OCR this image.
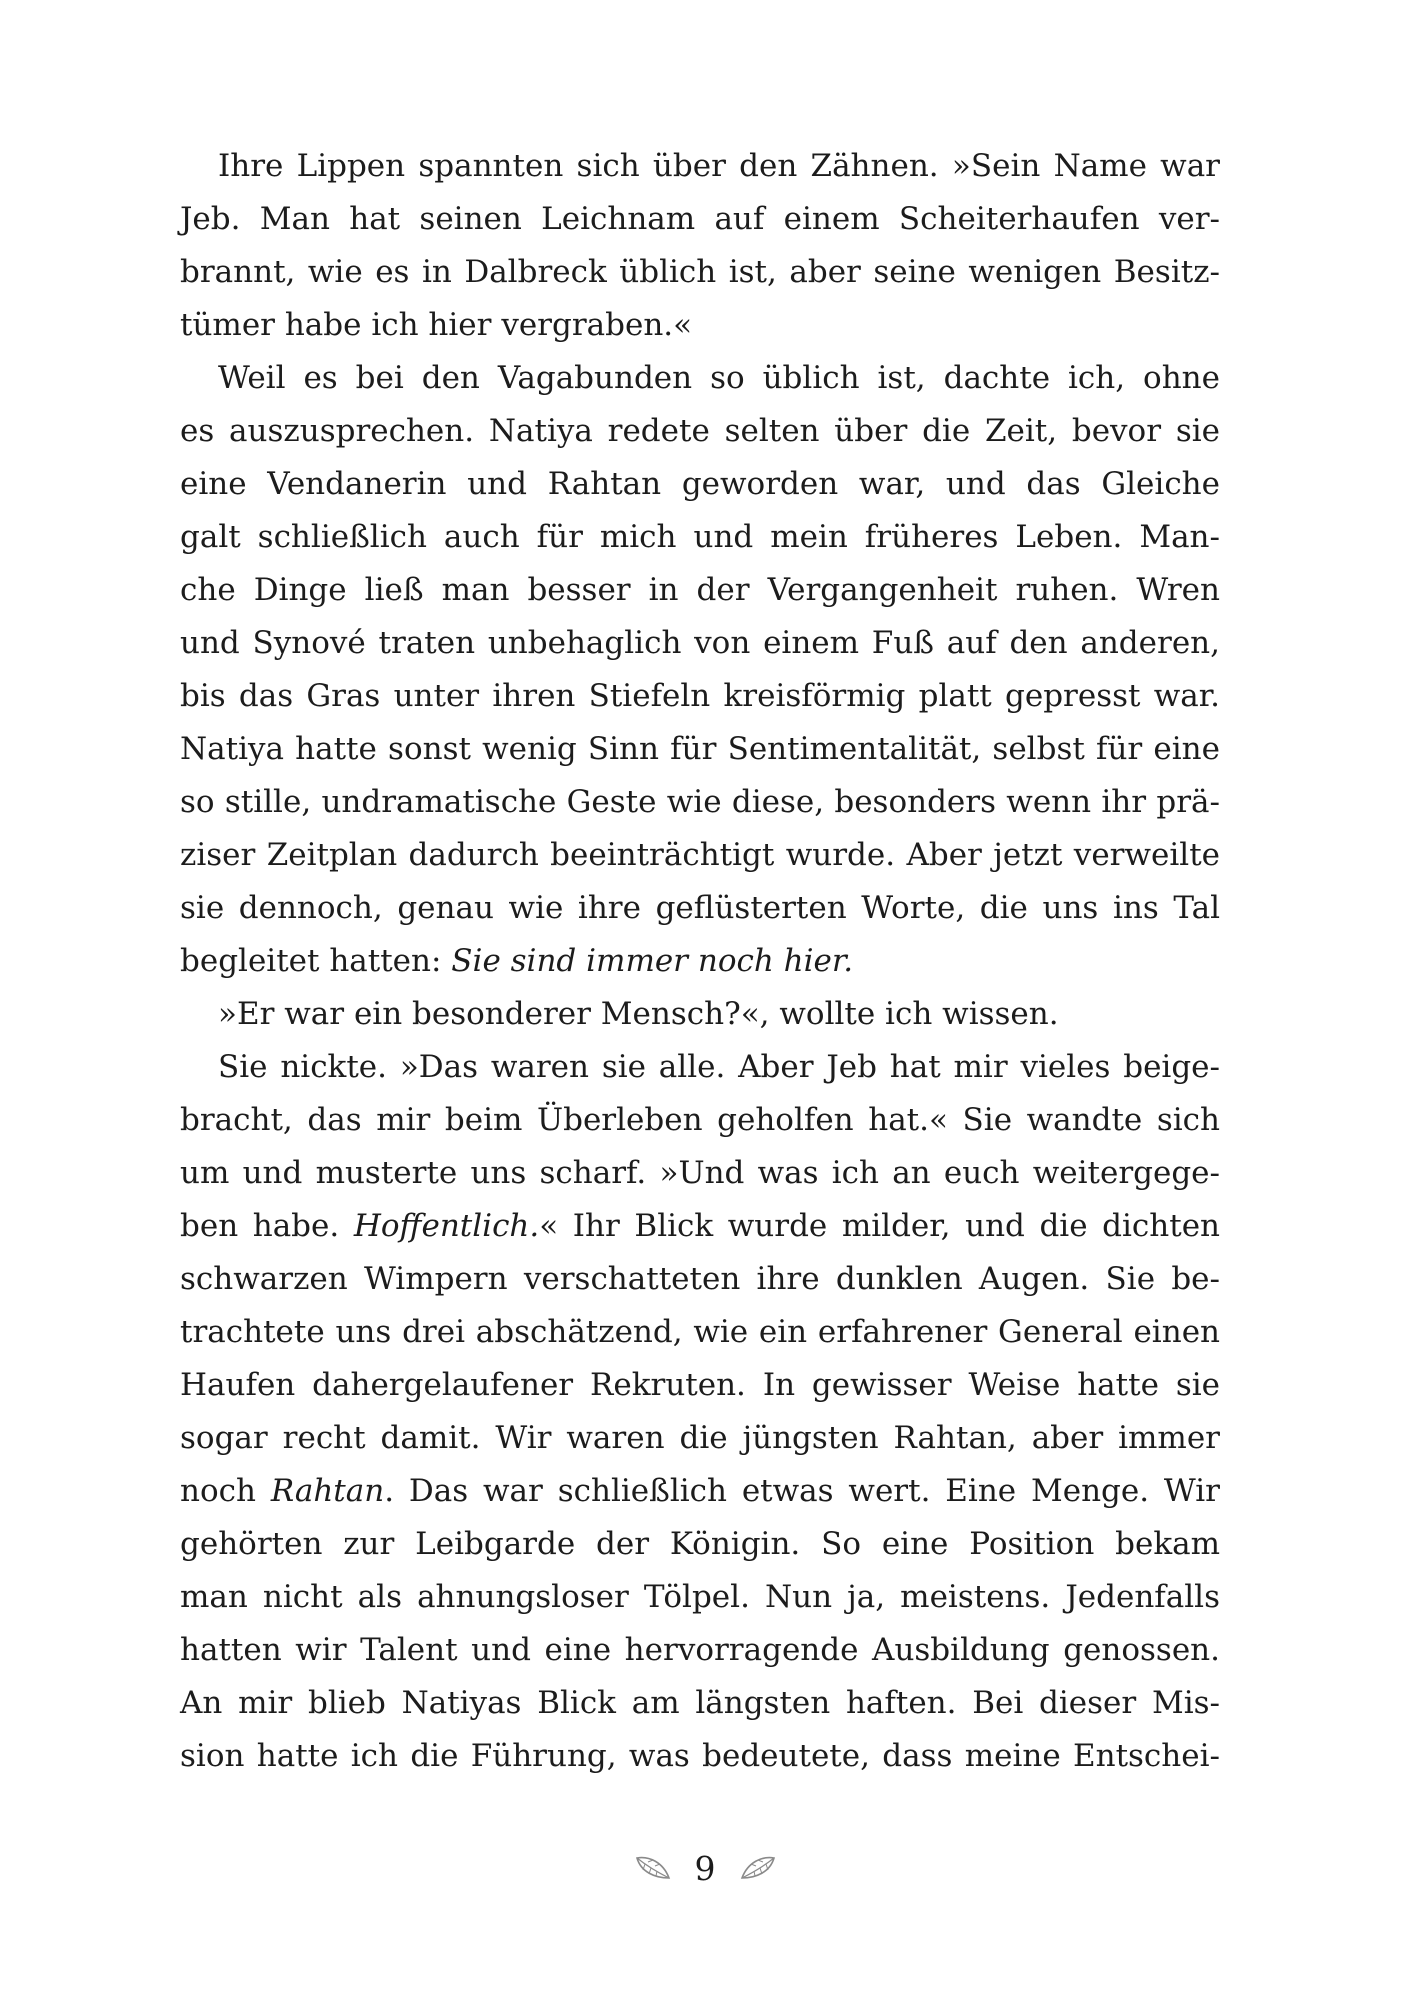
Ihre Lippen spannten sich über den Zähnen. »Sein Name war
Jeb. Man hat seinen Leichnam auf einem Scheiterhaufen ver-
brannt, wie es in Dalbreck üblich ist, aber seine wenigen Besitz-
tümer habe ich hier vergraben.«
Weil es bei den Vagabunden so üblich ist, dachte ich, ohne
es auszusprechen. Natiya redete selten über die Zeit, bevor sie
eine Vendanerin und Rahtan geworden war, und das Gleiche
galt schließlich auch für mich und mein früheres Leben. Man-
che Dinge ließ man besser in der Vergangenheit ruhen. Wren
und Synové traten unbehaglich von einem Fuß auf den anderen,
bis das Gras unter ihren Stiefeln kreisförmig platt gepresst war.
Natiya hatte sonst wenig Sinn für Sentimentalität, selbst für eine
so stille, undramatische Geste wie diese, besonders wenn ihr prä-
ziser Zeitplan dadurch beeinträchtigt wurde. Aber jetzt verweilte
sie dennoch, genau wie ihre geflüsterten Worte, die uns ins Tal
begleitet hatten: Sie sind immer noch hier.
»Er war ein besonderer Mensch?«, wollte ich wissen.
Sie nickte. »Das waren sie alle. Aber Jeb hat mir vieles beige-
bracht, das mir beim Überleben geholfen hat.« Sie wandte sich
um und musterte uns scharf. »Und was ich an euch weitergege-
ben habe. Hoffentlich.« Ihr Blick wurde milder, und die dichten
schwarzen Wimpern verschatteten ihre dunklen Augen. Sie be-
trachtete uns drei abschätzend, wie ein erfahrener General einen
Haufen dahergelaufener Rekruten. In gewisser Weise hatte sie
sogar recht damit. Wir waren die jüngsten Rahtan, aber immer
noch Rahtan. Das war schließlich etwas wert. Eine Menge. Wir
gehörten zur Leibgarde der Königin. So eine Position bekam
man nicht als ahnungsloser Tölpel. Nun ja, meistens. Jedenfalls
hatten wir Talent und eine hervorragende Ausbildung genossen.
An mir blieb Natiyas Blick am längsten haften. Bei dieser Mis-
sion hatte ich die Führung, was bedeutete, dass meine Entschei-
9
